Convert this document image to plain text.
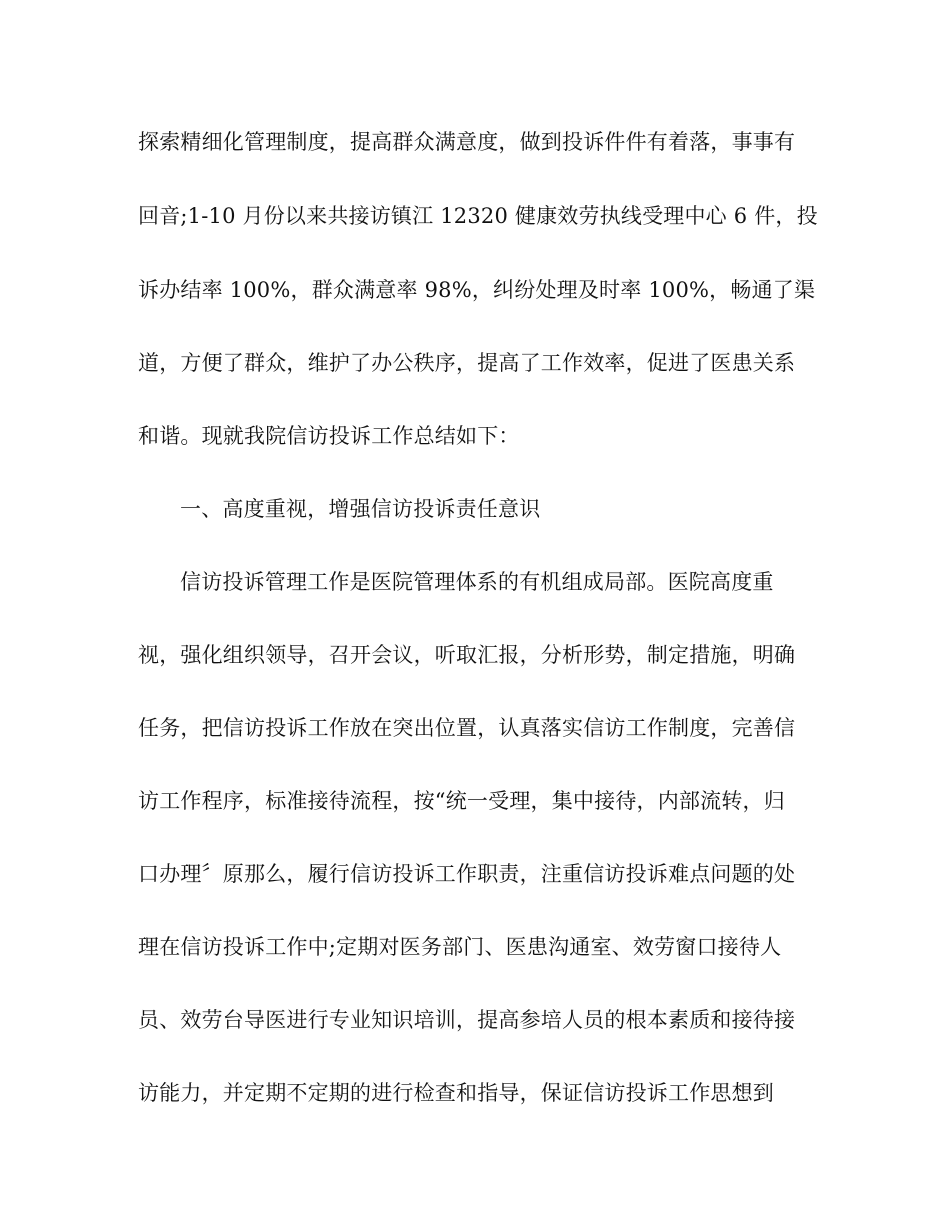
探索精细化管理制度，提高群众满意度，做到投诉件件有着落，事事有
回音;1-10 月份以来共接访镇江 12320 健康效劳执线受理中心 6 件，投
诉办结率 100%，群众满意率 98%，纠纷处理及时率 100%，畅通了渠
道，方便了群众，维护了办公秩序，提高了工作效率，促进了医患关系
和谐。现就我院信访投诉工作总结如下：
一、高度重视，增强信访投诉责任意识
信访投诉管理工作是医院管理体系的有机组成局部。医院高度重
视，强化组织领导，召开会议，听取汇报，分析形势，制定措施，明确
任务，把信访投诉工作放在突出位置，认真落实信访工作制度，完善信
访工作程序，标准接待流程，按“统一受理，集中接待，内部流转，归
口办理〞原那么，履行信访投诉工作职责，注重信访投诉难点问题的处
理在信访投诉工作中;定期对医务部门、医患沟通室、效劳窗口接待人
员、效劳台导医进行专业知识培训，提高参培人员的根本素质和接待接
访能力，并定期不定期的进行检查和指导，保证信访投诉工作思想到
